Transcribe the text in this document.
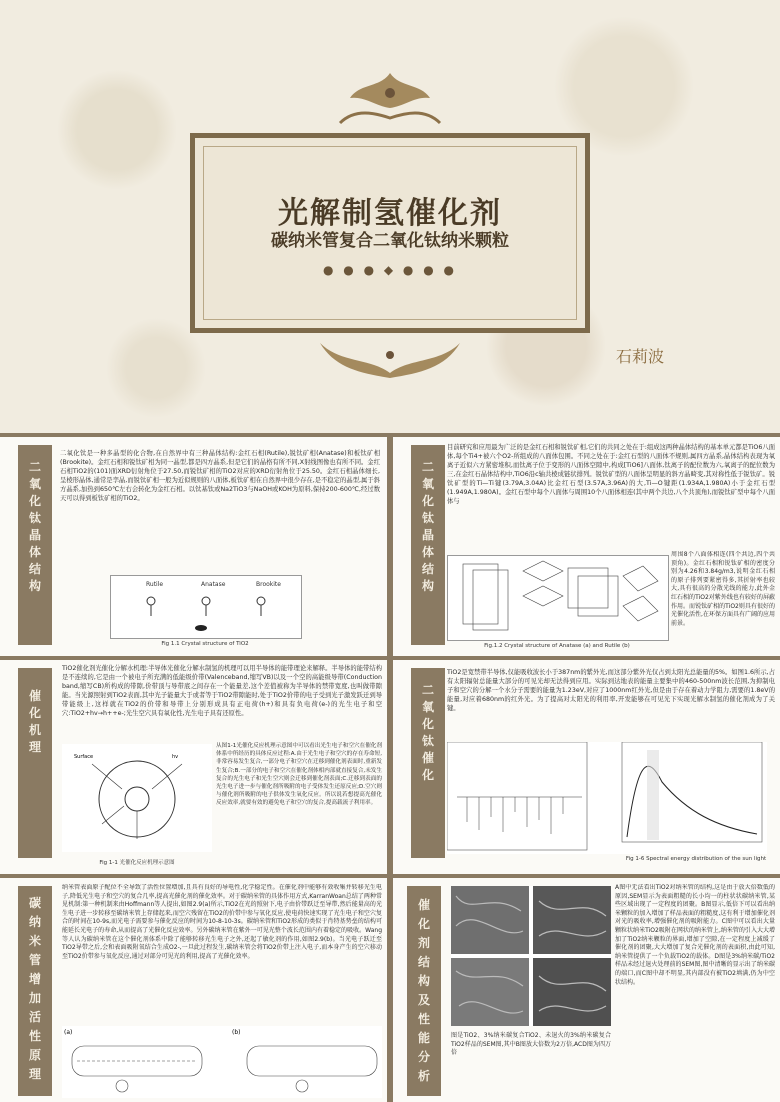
光解制氢催化剂
碳纳米管复合二氧化钛纳米颗粒
● ● ● ◆ ● ● ●
石莉波
二
氧
化
钛
晶
体
结
构
二氧化钛是一种多晶型的化合物,在自然界中有三种晶体结构:金红石相(Rutile),锐钛矿相(Anatase)和板钛矿相(Brookite)。金红石相和锐钛矿相为同一晶型,都是四方晶系,但是它们的晶格有所不同,X射线图像也有所不同。金红石相TiO2的(101)面XRD衍射角位于27.50,而锐钛矿相的TiO2对应的XRD衍射角位于25.50。金红石相晶体细长,呈棱形晶体,通常是孪晶,而锐钛矿相一般为近似规则的八面体,板钛矿相在自然界中很少存在,是不稳定的晶型,属于斜方晶系,加热到650℃左右会转化为金红石相。以钛基钛或Na2TiO3与NaOH或KOH为原料,保持200-600℃,经过数天可以得到板钛矿相的TiO2。
Rutile	Anatase	Brookite
Fig 1.1 Crystal structure of TiO2
二
氧
化
钛
晶
体
结
构
目前研究和应用最为广泛的是金红石相和锐钛矿相,它们的共同之处在于:组成这两种晶体结构的基本单元都是TiO6八面体,每个Ti4+被六个O2-所组成的八面体包围。不同之处在于:金红石型的八面体不规则,属四方晶系,晶体结构表现为氧离子近似六方紧密堆积,而钛离子位于变形的八面体空隙中,构成[TiO6]八面体,钛离子的配位数为六,氧离子的配位数为三,在金红石晶体结构中,TiO6沿c轴共棱成链状排列。锐钛矿型的八面体呈明显的斜方晶畸变,其对称性低于锐钛矿。锐钛矿型的Ti—Ti键(3.79A,3.04A)比金红石型(3.57A,3.96A)的大,Ti—O键距(1.934A,1.980A)小于金红石型(1.949A,1.980A)。金红石型中每个八面体与周围10个八面体相连(其中两个共边,八个共顶角),而锐钛矿型中每个八面体与
Fig.1.2 Crystal structure of Anatase (a) and Rutile (b)
周围8个八面体相连(四个共边,四个共顶角)。金红石相和锐钛矿相的密度分别为4.26和3.84g/m3,说明金红石相的原子排列要紧密得多,其折射率也较大,具有很高的分散光线的能力,此外金红石相的TiO2对紫外线也有较好的屏蔽作用。而锐钛矿相的TiO2则具有很好的光催化活性,在环保方面具有广阔的应用前景。
催
化
机
理
TiO2催化剂光催化分解水机理:半导体光催化分解水制氢的机理可以用半导体的能带理论来解释。半导体的能带结构是不连续的,它是由一个被电子所充满的低能级价带(Valenceband,缩写VB)以及一个空的高能级导带(Conduction band,缩写CB)所构成的带隙,价带顶与导带底之间存在一个能量差,这个差值被称为半导体的禁带宽度,也叫做带隙能。当光源照射到TiO2表面,其中光子能量大于或者等于TiO2带隙能时,处于TiO2价带的电子受到光子激发跃迁到导带能级上,这样就在TiO2的价带和导带上分别形成具有正电荷(h+)和具有负电荷(e-)的光生电子和空穴:TiO2+hv→h++e-;光生空穴具有氧化性,光生电子具有还原性。
Surface	hv
Fig 1-1 光催化反应机理示意图
从图1-1光催化反应机理示意图中可以看出光生电子和空穴在催化剂体系中所经历的具体反应过程:A.由于光生电子和空穴的存在寿命短,非常容易发生复合,一部分电子和空穴在迁移到催化剂表面时,重新发生复合;B.一部分的电子和空穴在催化剂体相内部就直接复合,未发生复合的光生电子和光生空穴则会迁移到催化剂表面;C.迁移到表面的光生电子进一步与催化剂所吸附的电子受体发生还原反应;D.空穴则与催化剂所吸附的电子供体发生氧化反应。所以说若想提高光催化反应效率,就要有效的避免电子和空穴的复合,提高载流子利用率。
二
氧
化
钛
催
化
TiO2是宽禁带半导体,仅能吸收波长小于387nm的紫外光,而这部分紫外光仅占到太阳光总能量的5%。如图1.6所示,占有太阳辐射总能量大部分的可见光却无法得到应用。实际到达地表的能量主要集中的460-500nm波长范围,为抑制电子和空穴的分解一个水分子需要的能量为1.23eV,对应了1000nm红外光,但是由于存在着动力学阻力,需要的1.8eV的能量,对应着680nm的红外光。为了提高对太阳光的利用率,开发能够在可见光下实现光解水制氢的催化剂成为了关键。
Fig 1-6 Spectral energy distribution of the sun light
碳
纳
米
管
增
加
活
性
原
理
纳米管表面原子配位不全导致了活性位置增加,且具有良好的导电性,化学稳定性。在催化剂中能够有效收集并转移光生电子,降低光生电子和空穴的复合几率,提高光催化剂的催化效率。对于碳纳米管的具体作用方式,KarranWoan总结了两种常见机制:第一种机制来由Hoffmann等人提出,如图2.9(a)所示,TiO2在光的照射下,电子由价带跃迁至导带,然后能量高的光生电子进一步转移至碳纳米管上存储起来,而空穴残留在TiO2的价带中参与氧化反应,使电荷快速实现了光生电子和空穴复合的时间在10-9s,而光电子需要参与催化反应的时间为10-8-10-3s。碳纳米管和TiO2形成的类似于肖特基势垒的结构可能延长光电子的寿命,从而提高了光催化反应效率。另外碳纳米管在紫外一可见光整个波长范围内有着稳定的吸收。Wang等人认为碳纳米管在这个催化剂体系中除了能够转移光生电子之外,还起了敏化剂的作用,如图2.9(b)。当光电子跃迁至TiO2导带之后,会和表面吸附氧结合生成O2-,一旦此过程发生,碳纳米管会将TiO2价带上注入电子,而本身产生的空穴移动至TiO2价带参与氧化反应,通过对部分可见光的利用,提高了光催化效率。
(a)	(b)
催
化
剂
结
构
及
性
能
分
析
A图中无法看出TiO2对纳米管的结构,这是由于放大倍数低的原因,SEM显示为表面粗糙的长小均一的柱状状碳纳米管,某些区域出现了一定程度的团聚。B图显示,低倍下可以看出纳米颗粒的加入增加了样品表面的粗糙度,这有利于增加催化剂对光的吸收率,增强催化剂的吸附能力。C图中可以看出大量颗粒状纳米TiO2吸附在网状的纳米管上,纳米管的引入大大增加了TiO2纳米颗粒的界面,增加了空隙,在一定程度上减缓了催化剂的团聚,大大增加了复合光催化剂的表面积,由此可知,纳米管提供了一个负载TiO2的载体。D图是3%纳米碳/TiO2样品未经过退火处理前的SEM图,图中清晰的显示出了纳米碳的端口,而C图中却不明显,其内部没有被TiO2填满,仍为中空状结构。
图是TiO2、3%纳米碳复合TiO2、未退火的3%纳米碳复合TiO2样品的SEM图,其中B图放大倍数为2万倍,ACD图为四万倍
